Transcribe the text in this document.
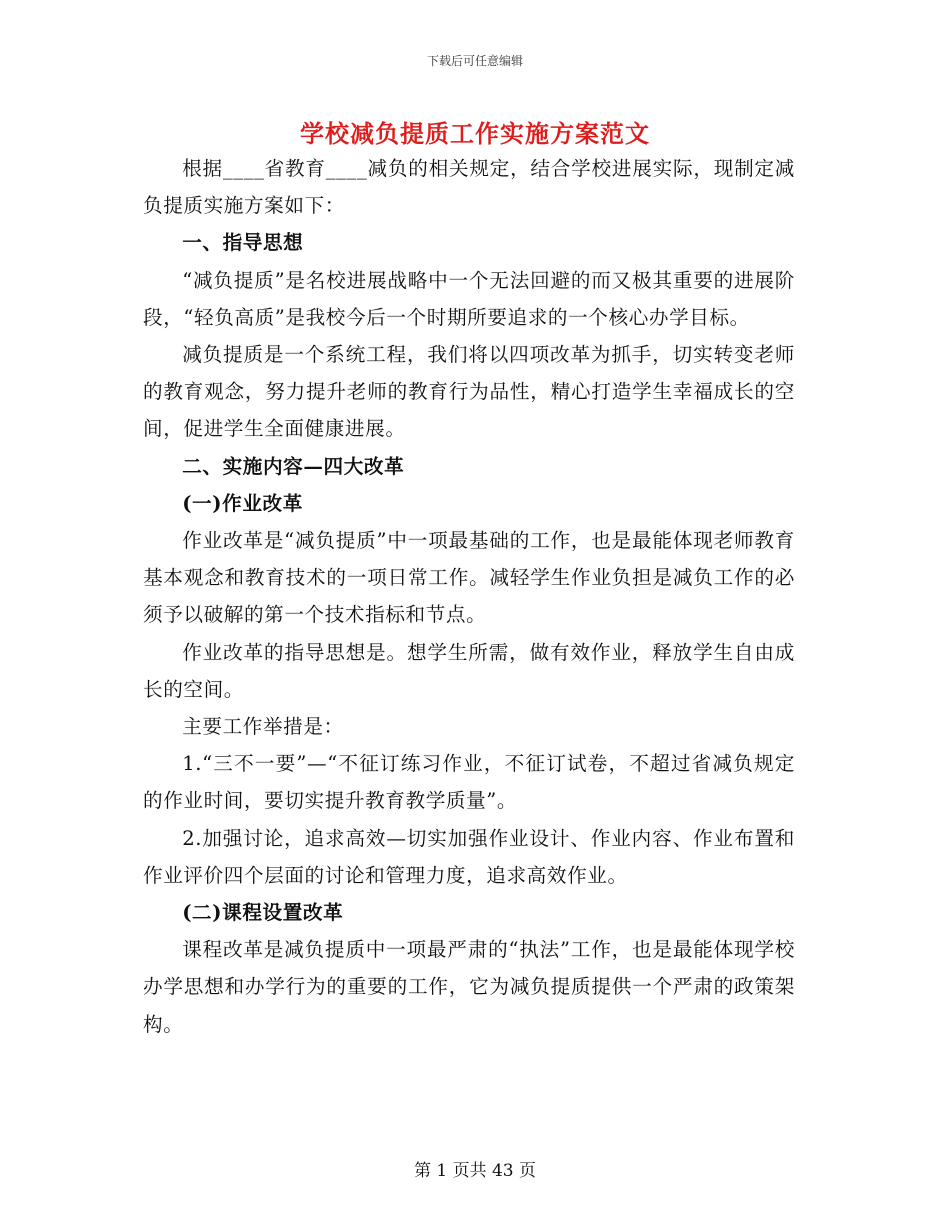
下载后可任意编辑
学校减负提质工作实施方案范文

根据____省教育____减负的相关规定，结合学校进展实际，现制定减负提质实施方案如下：

一、指导思想

“减负提质”是名校进展战略中一个无法回避的而又极其重要的进展阶段，“轻负高质”是我校今后一个时期所要追求的一个核心办学目标。

减负提质是一个系统工程，我们将以四项改革为抓手，切实转变老师的教育观念，努力提升老师的教育行为品性，精心打造学生幸福成长的空间，促进学生全面健康进展。

二、实施内容—四大改革

(一)作业改革

作业改革是“减负提质”中一项最基础的工作，也是最能体现老师教育基本观念和教育技术的一项日常工作。减轻学生作业负担是减负工作的必须予以破解的第一个技术指标和节点。

作业改革的指导思想是。想学生所需，做有效作业，释放学生自由成长的空间。

主要工作举措是：

1.“三不一要”—“不征订练习作业，不征订试卷，不超过省减负规定的作业时间，要切实提升教育教学质量”。

2.加强讨论，追求高效—切实加强作业设计、作业内容、作业布置和作业评价四个层面的讨论和管理力度，追求高效作业。

(二)课程设置改革

课程改革是减负提质中一项最严肃的“执法”工作，也是最能体现学校办学思想和办学行为的重要的工作，它为减负提质提供一个严肃的政策架构。

第 1 页共 43 页
